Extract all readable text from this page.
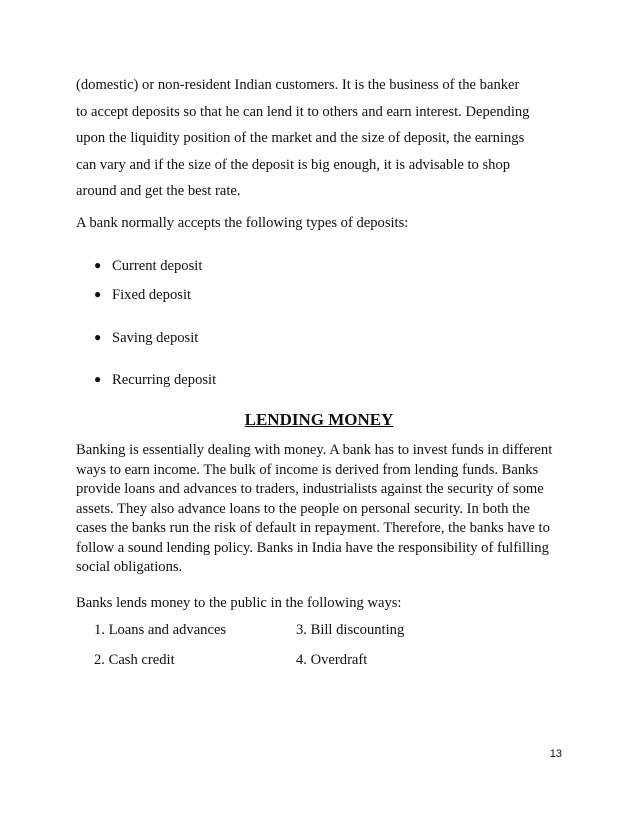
(domestic) or non-resident Indian customers. It is the business of the banker
to accept deposits so that he can lend it to others and earn interest. Depending
upon the liquidity position of the market and the size of deposit, the earnings
can vary and if the size of the deposit is big enough, it is advisable to shop
around and get the best rate.

A bank normally accepts the following types of deposits:

● Current deposit
● Fixed deposit
● Saving deposit
● Recurring deposit
LENDING MONEY

Banking is essentially dealing with money. A bank has to invest funds in different
ways to earn income. The bulk of income is derived from lending funds. Banks
provide loans and advances to traders, industrialists against the security of some
assets. They also advance loans to the people on personal security. In both the
cases the banks run the risk of default in repayment. Therefore, the banks have to
follow a sound lending policy. Banks in India have the responsibility of fulfilling
social obligations.

Banks lends money to the public in the following ways:

1. Loans and advances	3. Bill discounting

2. Cash credit	4. Overdraft

13
